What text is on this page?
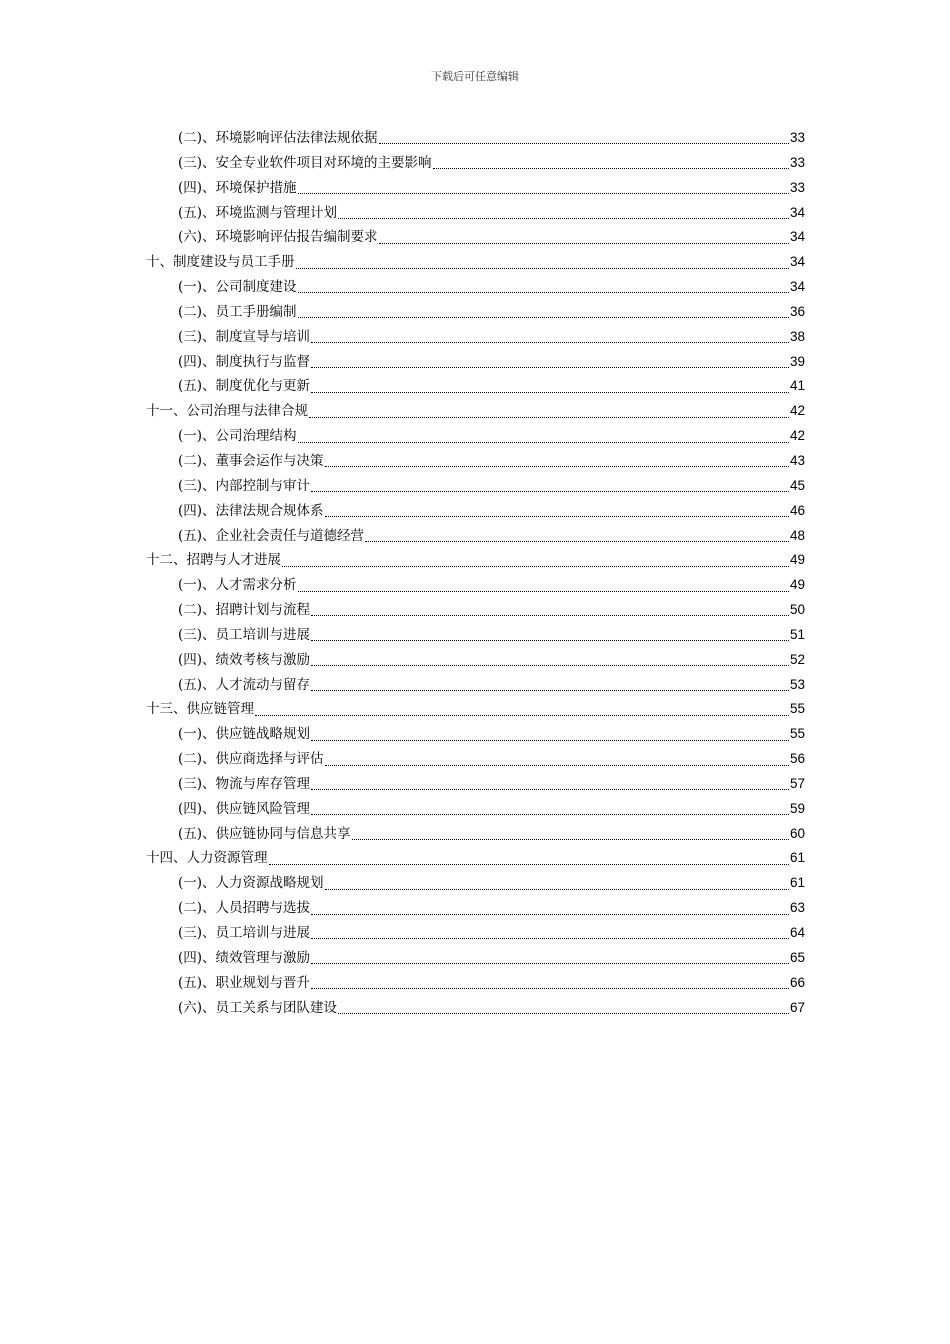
下载后可任意编辑
(二)、环境影响评估法律法规依据	33
(三)、安全专业软件项目对环境的主要影响	33
(四)、环境保护措施	33
(五)、环境监测与管理计划	34
(六)、环境影响评估报告编制要求	34
十、制度建设与员工手册	34
(一)、公司制度建设	34
(二)、员工手册编制	36
(三)、制度宣导与培训	38
(四)、制度执行与监督	39
(五)、制度优化与更新	41
十一、公司治理与法律合规	42
(一)、公司治理结构	42
(二)、董事会运作与决策	43
(三)、内部控制与审计	45
(四)、法律法规合规体系	46
(五)、企业社会责任与道德经营	48
十二、招聘与人才进展	49
(一)、人才需求分析	49
(二)、招聘计划与流程	50
(三)、员工培训与进展	51
(四)、绩效考核与激励	52
(五)、人才流动与留存	53
十三、供应链管理	55
(一)、供应链战略规划	55
(二)、供应商选择与评估	56
(三)、物流与库存管理	57
(四)、供应链风险管理	59
(五)、供应链协同与信息共享	60
十四、人力资源管理	61
(一)、人力资源战略规划	61
(二)、人员招聘与选拔	63
(三)、员工培训与进展	64
(四)、绩效管理与激励	65
(五)、职业规划与晋升	66
(六)、员工关系与团队建设	67
